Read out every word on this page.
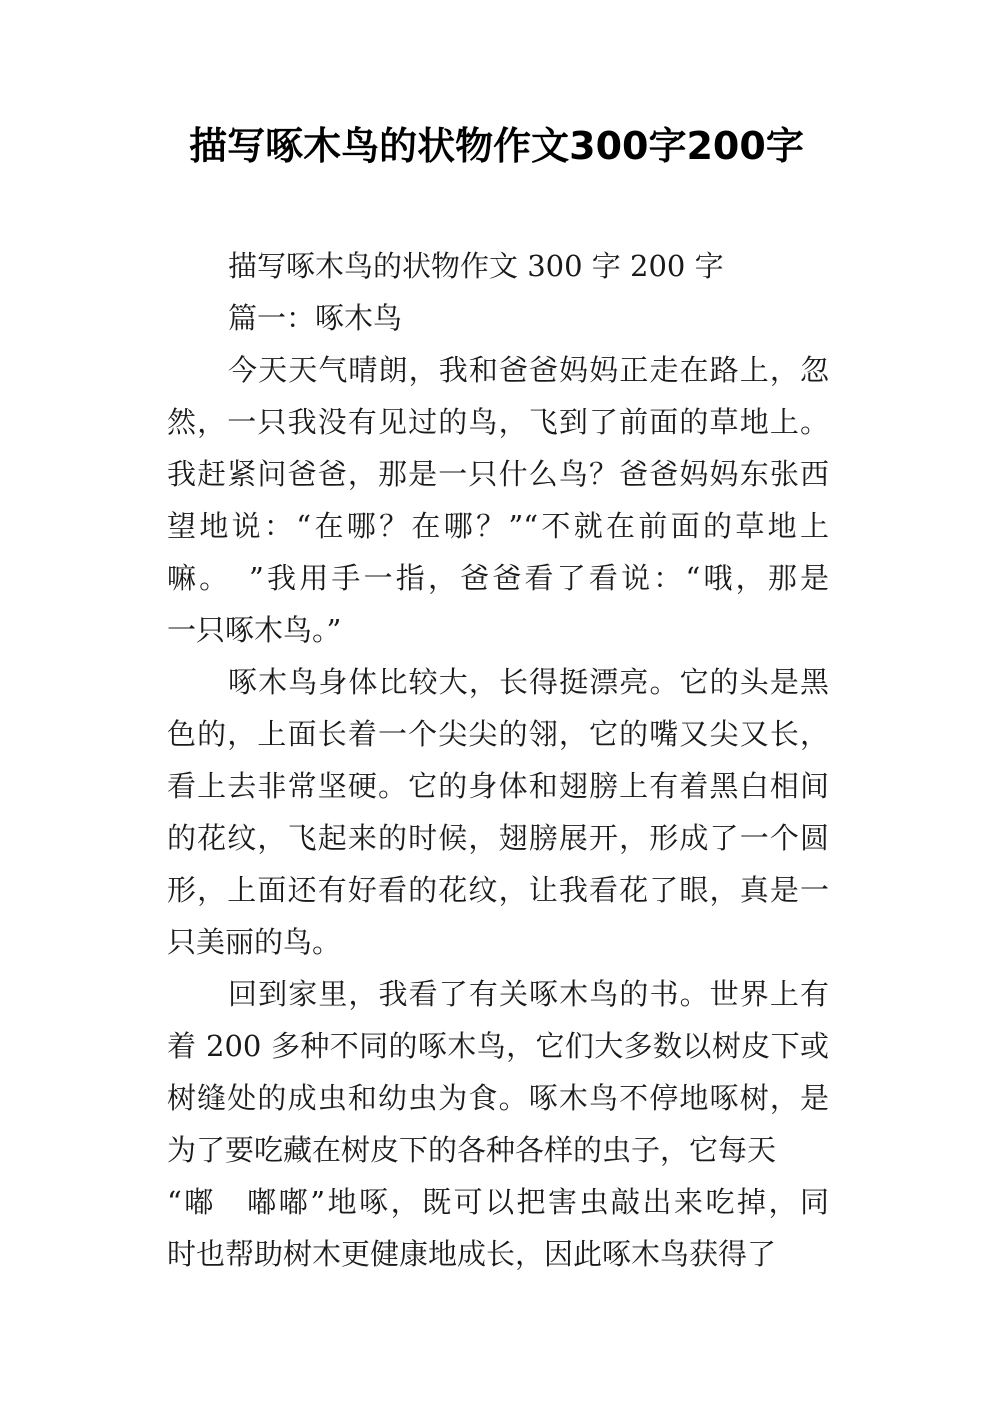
描写啄木鸟的状物作文300字200字
描写啄木鸟的状物作文 300 字 200 字
篇一：啄木鸟
今天天气晴朗，我和爸爸妈妈正走在路上，忽
然，一只我没有见过的鸟，飞到了前面的草地上。
我赶紧问爸爸，那是一只什么鸟？爸爸妈妈东张西
望地说：“在哪？在哪？”“不就在前面的草地上
嘛。　”我用手一指，爸爸看了看说：“哦，那是
一只啄木鸟。”
啄木鸟身体比较大，长得挺漂亮。它的头是黑
色的，上面长着一个尖尖的翎，它的嘴又尖又长，
看上去非常坚硬。它的身体和翅膀上有着黑白相间
的花纹，飞起来的时候，翅膀展开，形成了一个圆
形，上面还有好看的花纹，让我看花了眼，真是一
只美丽的鸟。
回到家里，我看了有关啄木鸟的书。世界上有
着 200 多种不同的啄木鸟，它们大多数以树皮下或
树缝处的成虫和幼虫为食。啄木鸟不停地啄树，是
为了要吃藏在树皮下的各种各样的虫子，它每天
“嘟　嘟嘟”地啄，既可以把害虫敲出来吃掉，同
时也帮助树木更健康地成长，因此啄木鸟获得了
